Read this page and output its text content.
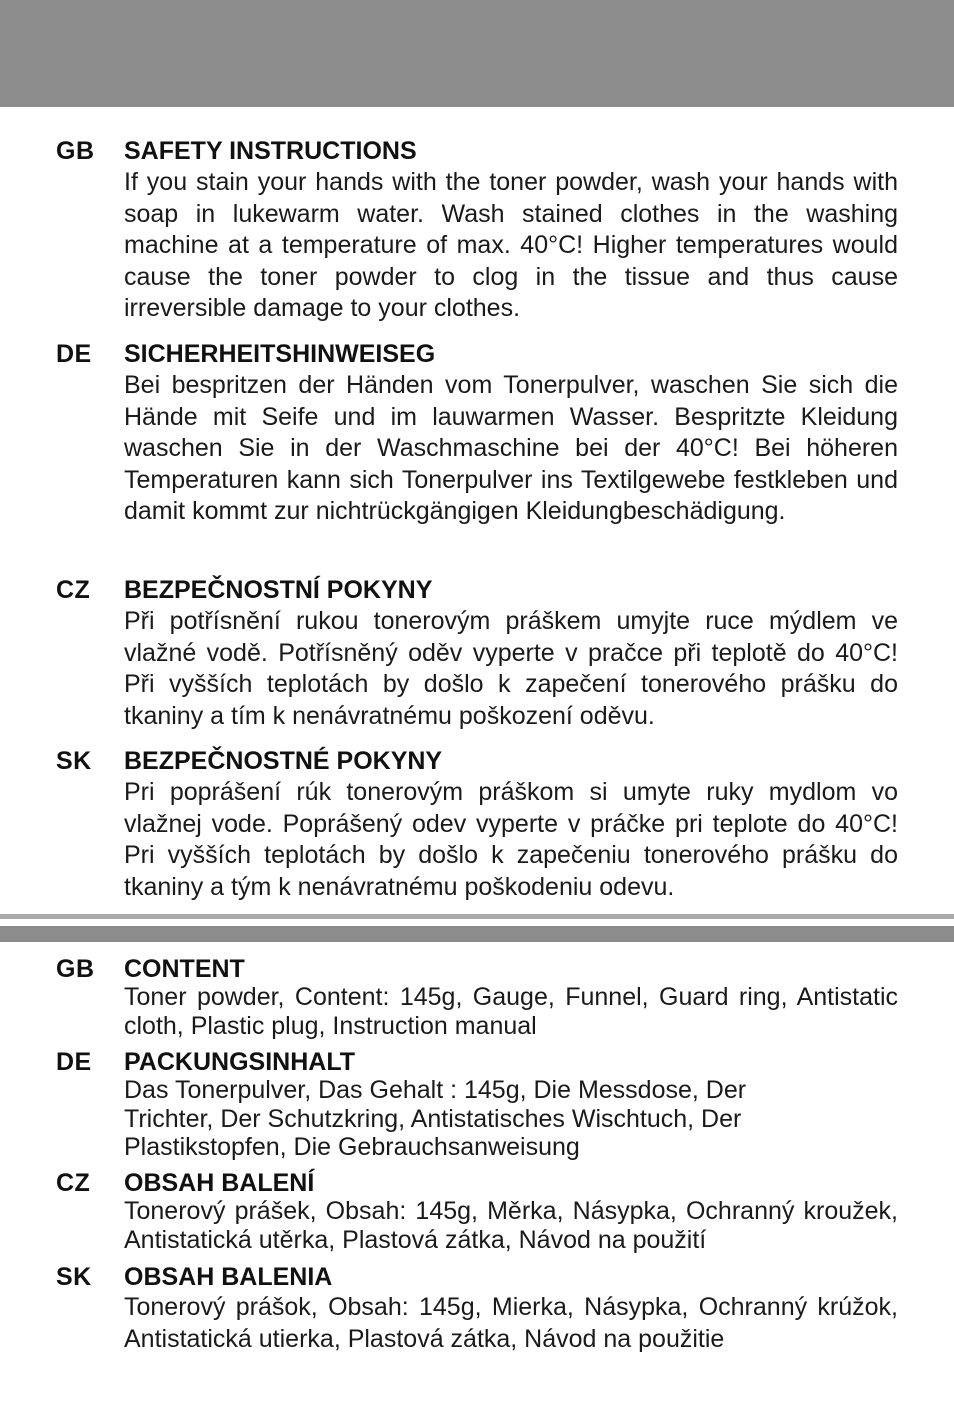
GB SAFETY INSTRUCTIONS
If you stain your hands with the toner powder, wash your hands with soap in lukewarm water. Wash stained clothes in the washing machine at a temperature of max. 40°C! Higher temperatures would cause the toner powder to clog in the tissue and thus cause irreversible damage to your clothes.
DE SICHERHEITSHINWEISEG
Bei bespritzen der Händen vom Tonerpulver, waschen Sie sich die Hände mit Seife und im lauwarmen Wasser. Bespritzte Kleidung waschen Sie in der Waschmaschine bei der 40°C! Bei höheren Temperaturen kann sich Tonerpulver ins Textilgewebe festkleben und damit kommt zur nichtrückgängigen Kleidungbeschädigung.
CZ BEZPEČNOSTNÍ POKYNY
Při potřísnění rukou tonerovým práškem umyjte ruce mýdlem ve vlažné vodě. Potřísněný oděv vyperte v pračce při teplotě do 40°C! Při vyšších teplotách by došlo k zapečení tonerového prášku do tkaniny a tím k nenávratnému poškození oděvu.
SK BEZPEČNOSTNÉ POKYNY
Pri poprášení rúk tonerovým práškom si umyte ruky mydlom vo vlažnej vode. Poprášený odev vyperte v práčke pri teplote do 40°C! Pri vyšších teplotách by došlo k zapečeniu tonerového prášku do tkaniny a tým k nenávratnému poškodeniu odevu.
GB CONTENT
Toner powder, Content: 145g, Gauge, Funnel, Guard ring, Antistatic cloth, Plastic plug, Instruction manual
DE PACKUNGSINHALT
Das Tonerpulver, Das Gehalt : 145g, Die Messdose, Der Trichter, Der Schutzkring, Antistatisches Wischtuch, Der Plastikstopfen, Die Gebrauchsanweisung
CZ OBSAH BALENÍ
Tonerový prášek, Obsah: 145g, Měrka, Násypka, Ochranný kroužek, Antistatická utěrka, Plastová zátka, Návod na použití
SK OBSAH BALENIA
Tonerový prášok, Obsah: 145g, Mierka, Násypka, Ochranný krúžok, Antistatická utierka, Plastová zátka, Návod na použitie
